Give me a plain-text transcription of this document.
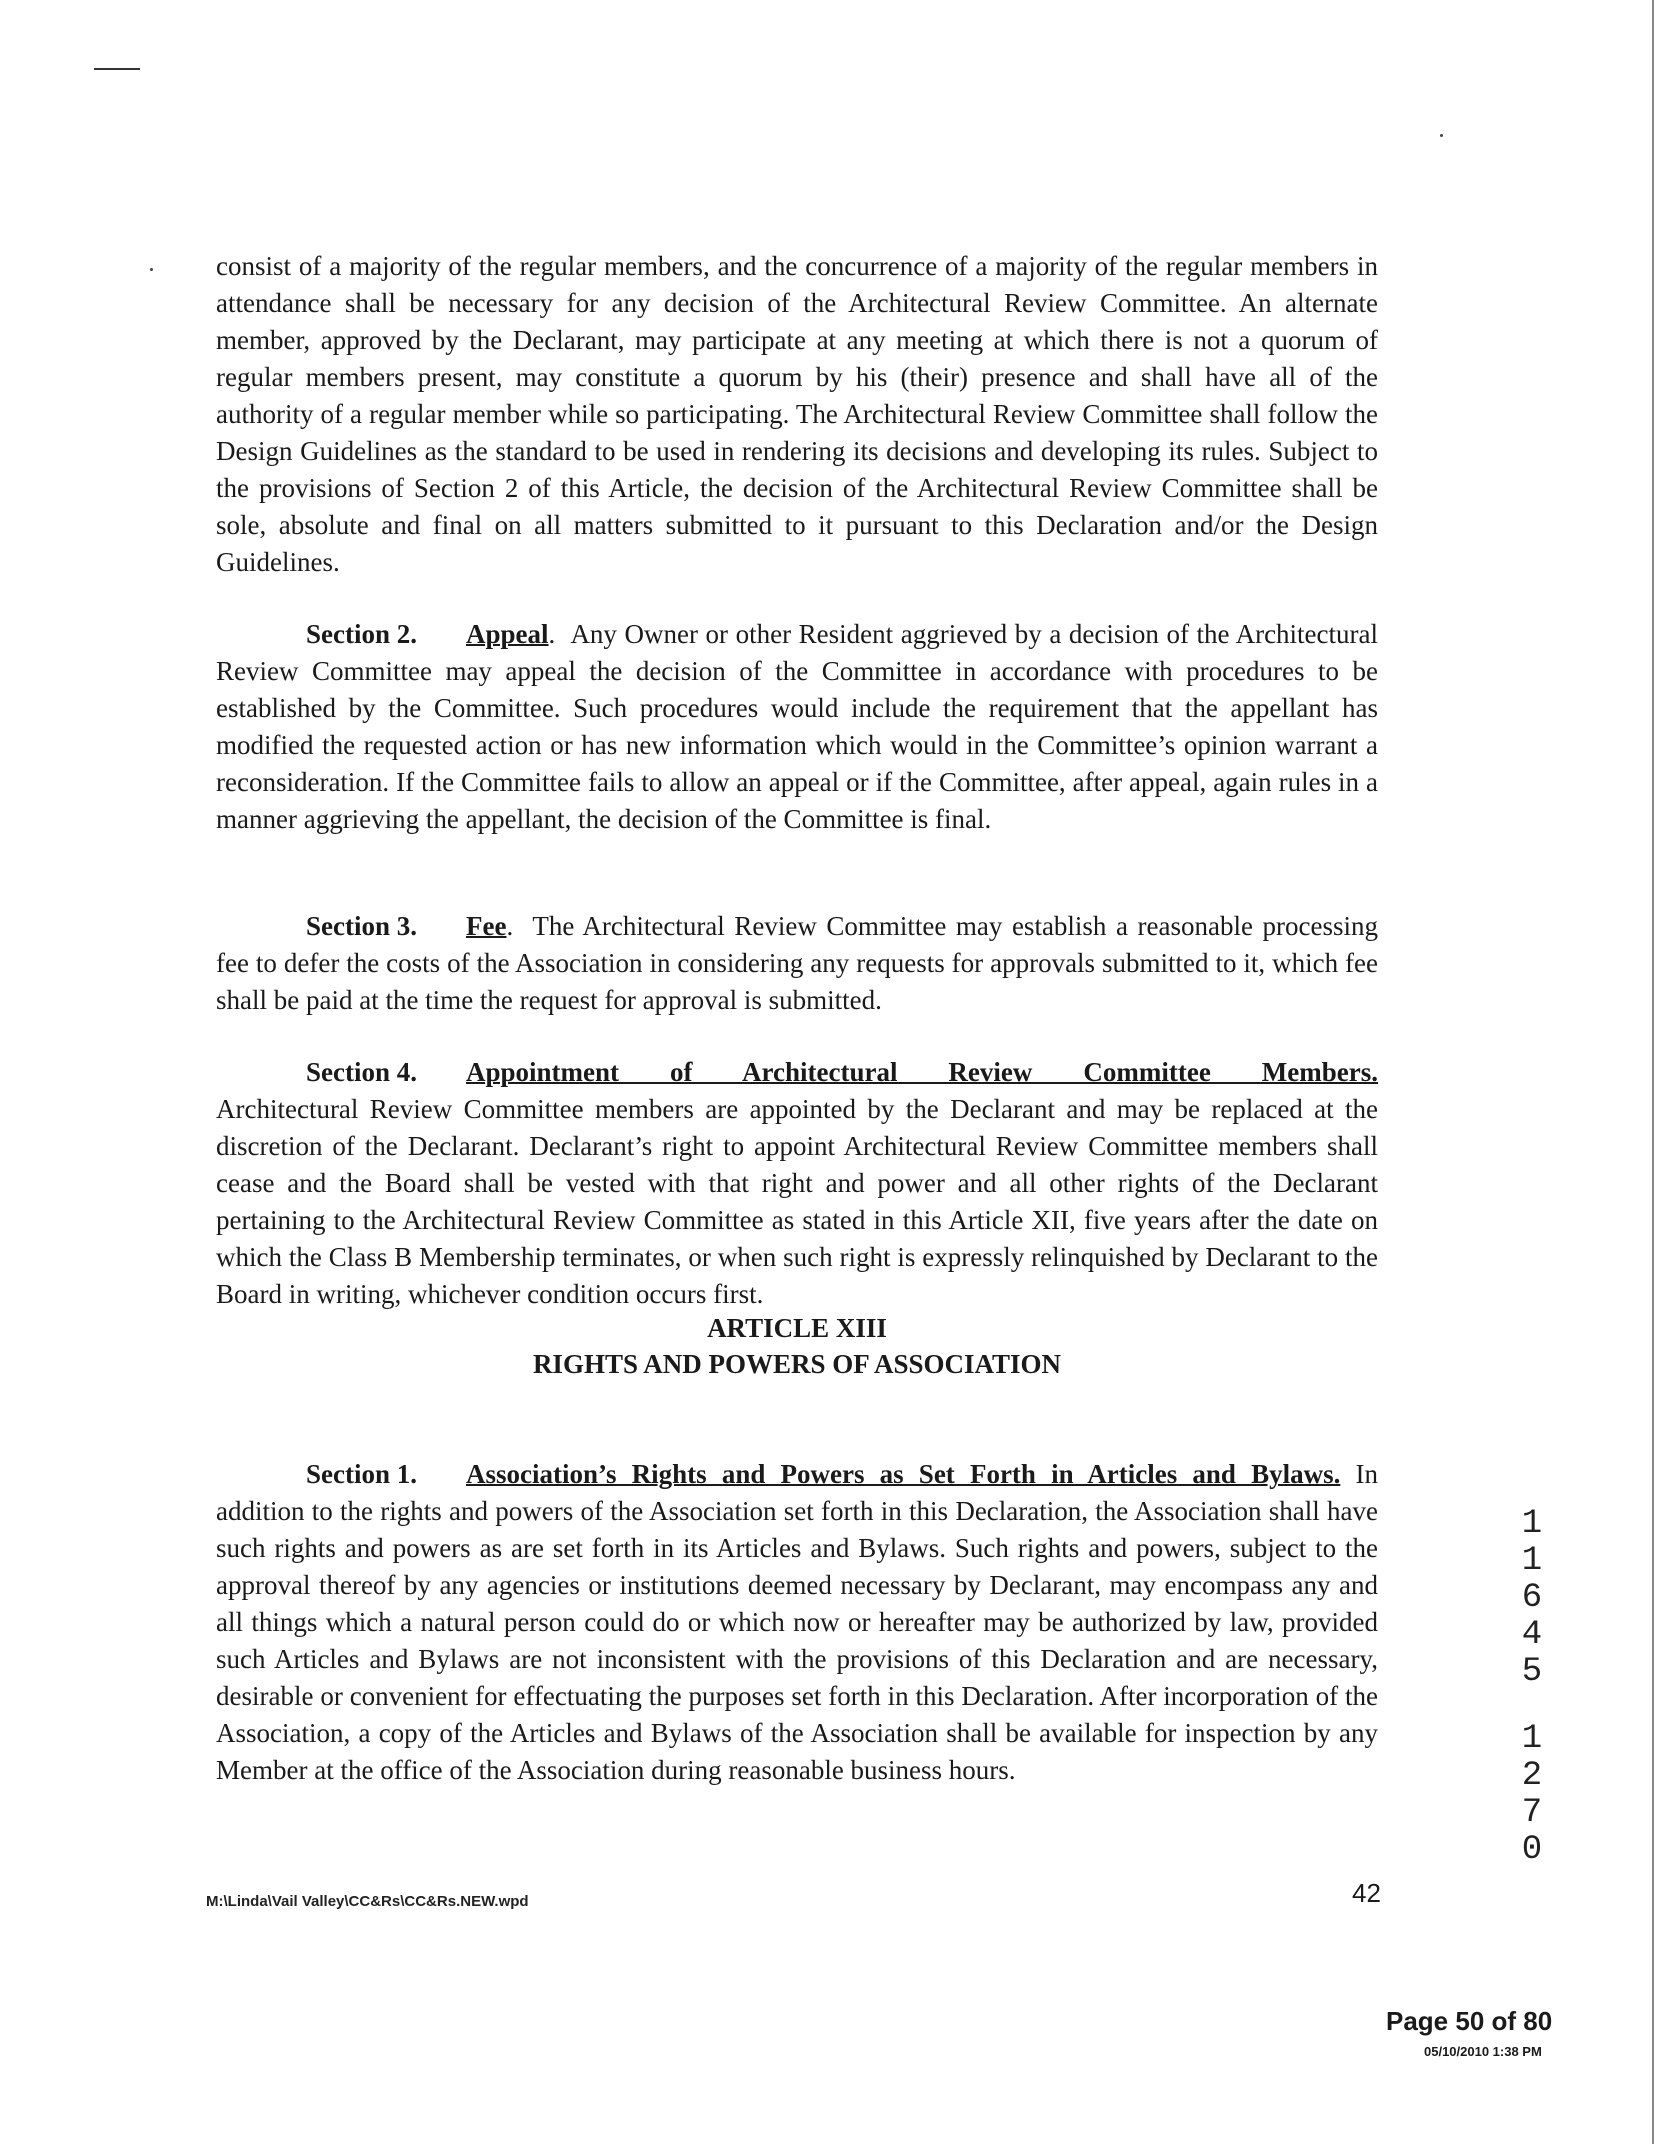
consist of a majority of the regular members, and the concurrence of a majority of the regular members in attendance shall be necessary for any decision of the Architectural Review Committee. An alternate member, approved by the Declarant, may participate at any meeting at which there is not a quorum of regular members present, may constitute a quorum by his (their) presence and shall have all of the authority of a regular member while so participating. The Architectural Review Committee shall follow the Design Guidelines as the standard to be used in rendering its decisions and developing its rules. Subject to the provisions of Section 2 of this Article, the decision of the Architectural Review Committee shall be sole, absolute and final on all matters submitted to it pursuant to this Declaration and/or the Design Guidelines.

Section 2. Appeal.  Any Owner or other Resident aggrieved by a decision of the Architectural Review Committee may appeal the decision of the Committee in accordance with procedures to be established by the Committee. Such procedures would include the requirement that the appellant has modified the requested action or has new information which would in the Committee’s opinion warrant a reconsideration. If the Committee fails to allow an appeal or if the Committee, after appeal, again rules in a manner aggrieving the appellant, the decision of the Committee is final.

Section 3. Fee.  The Architectural Review Committee may establish a reasonable processing fee to defer the costs of the Association in considering any requests for approvals submitted to it, which fee shall be paid at the time the request for approval is submitted.

Section 4. Appointment of Architectural Review Committee Members. Architectural Review Committee members are appointed by the Declarant and may be replaced at the discretion of the Declarant. Declarant’s right to appoint Architectural Review Committee members shall cease and the Board shall be vested with that right and power and all other rights of the Declarant pertaining to the Architectural Review Committee as stated in this Article XII, five years after the date on which the Class B Membership terminates, or when such right is expressly relinquished by Declarant to the Board in writing, whichever condition occurs first.

ARTICLE XIII
RIGHTS AND POWERS OF ASSOCIATION

Section 1. Association’s Rights and Powers as Set Forth in Articles and Bylaws. In addition to the rights and powers of the Association set forth in this Declaration, the Association shall have such rights and powers as are set forth in its Articles and Bylaws. Such rights and powers, subject to the approval thereof by any agencies or institutions deemed necessary by Declarant, may encompass any and all things which a natural person could do or which now or hereafter may be authorized by law, provided such Articles and Bylaws are not inconsistent with the provisions of this Declaration and are necessary, desirable or convenient for effectuating the purposes set forth in this Declaration. After incorporation of the Association, a copy of the Articles and Bylaws of the Association shall be available for inspection by any Member at the office of the Association during reasonable business hours.

1
1
6
4
5
1
2
7
0
M:\Linda\Vail Valley\CC&Rs\CC&Rs.NEW.wpd	42
Page 50 of 80
05/10/2010 1:38 PM
